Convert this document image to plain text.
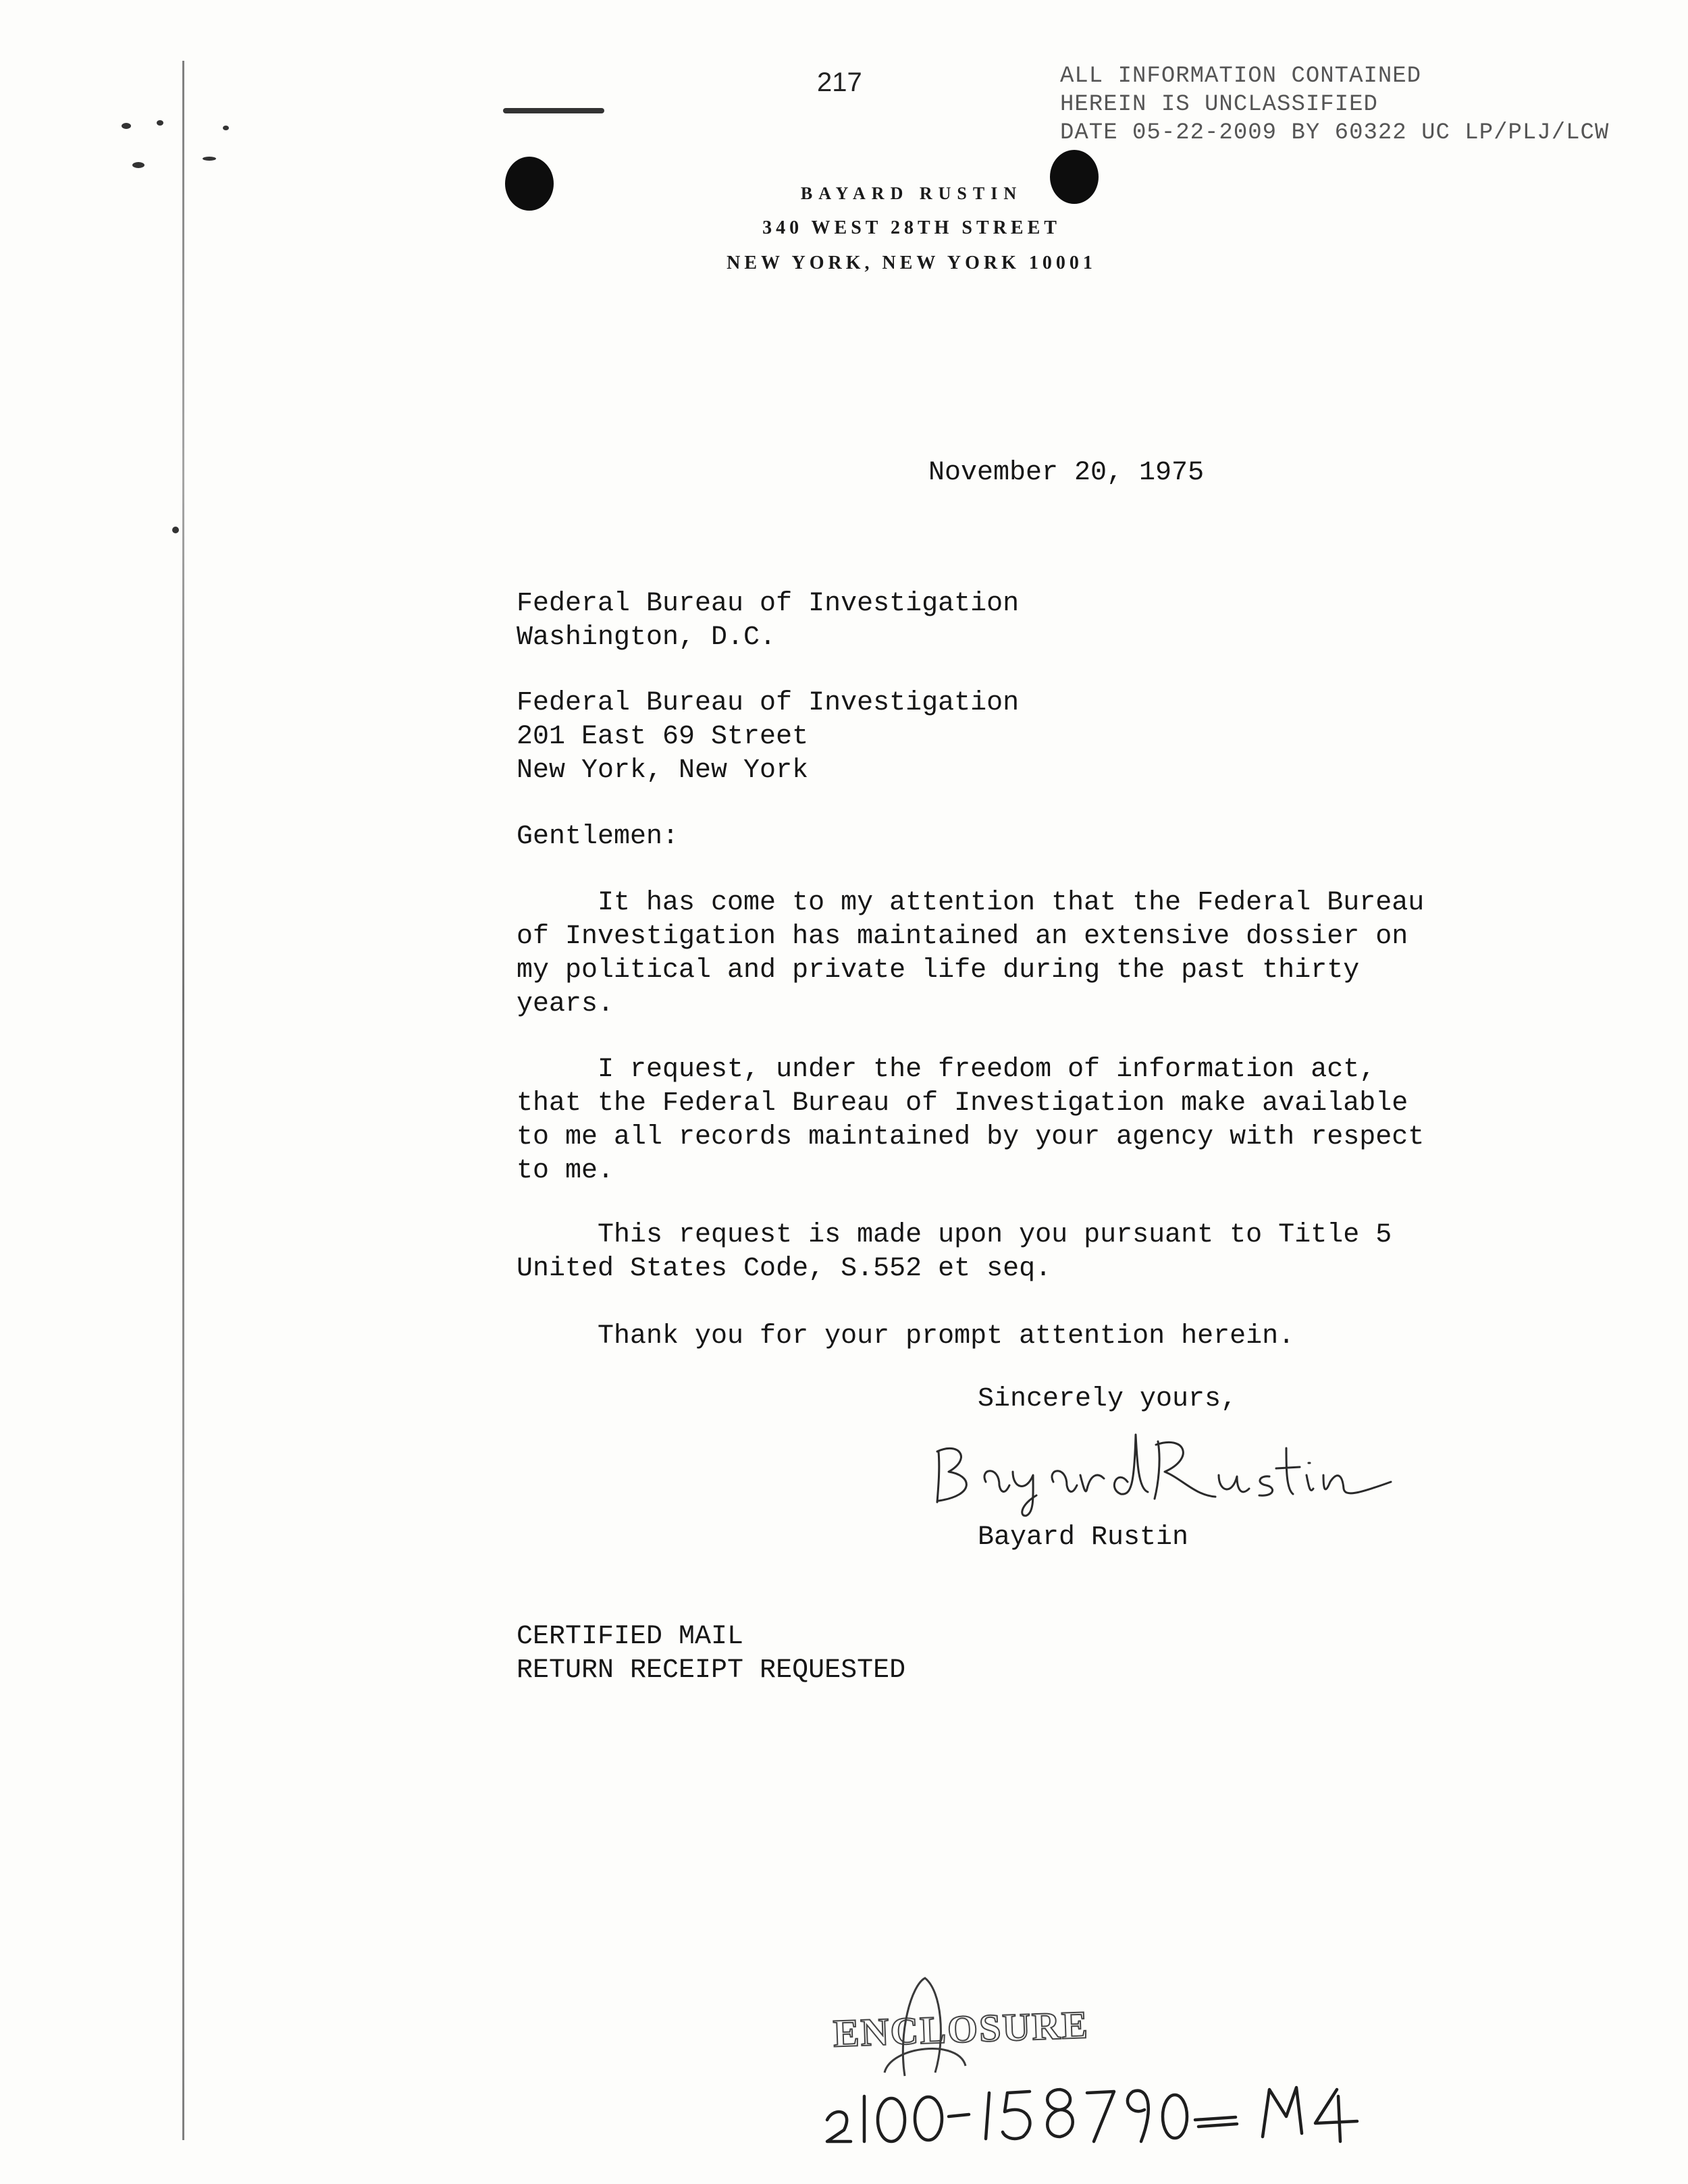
217	ALL INFORMATION CONTAINED
HEREIN IS UNCLASSIFIED
DATE 05-22-2009 BY 60322 UC LP/PLJ/LCW
BAYARD RUSTIN
340 WEST 28TH STREET
NEW YORK, NEW YORK 10001
November 20, 1975
Federal Bureau of Investigation
Washington, D.C.
Federal Bureau of Investigation
201 East 69 Street
New York, New York
Gentlemen:
It has come to my attention that the Federal Bureau
of Investigation has maintained an extensive dossier on
my political and private life during the past thirty
years.
I request, under the freedom of information act,
that the Federal Bureau of Investigation make available
to me all records maintained by your agency with respect
to me.
This request is made upon you pursuant to Title 5
United States Code, S.552 et seq.
Thank you for your prompt attention herein.
Sincerely yours,
Bayard Rustin
CERTIFIED MAIL
RETURN RECEIPT REQUESTED
ENCLOSURE
